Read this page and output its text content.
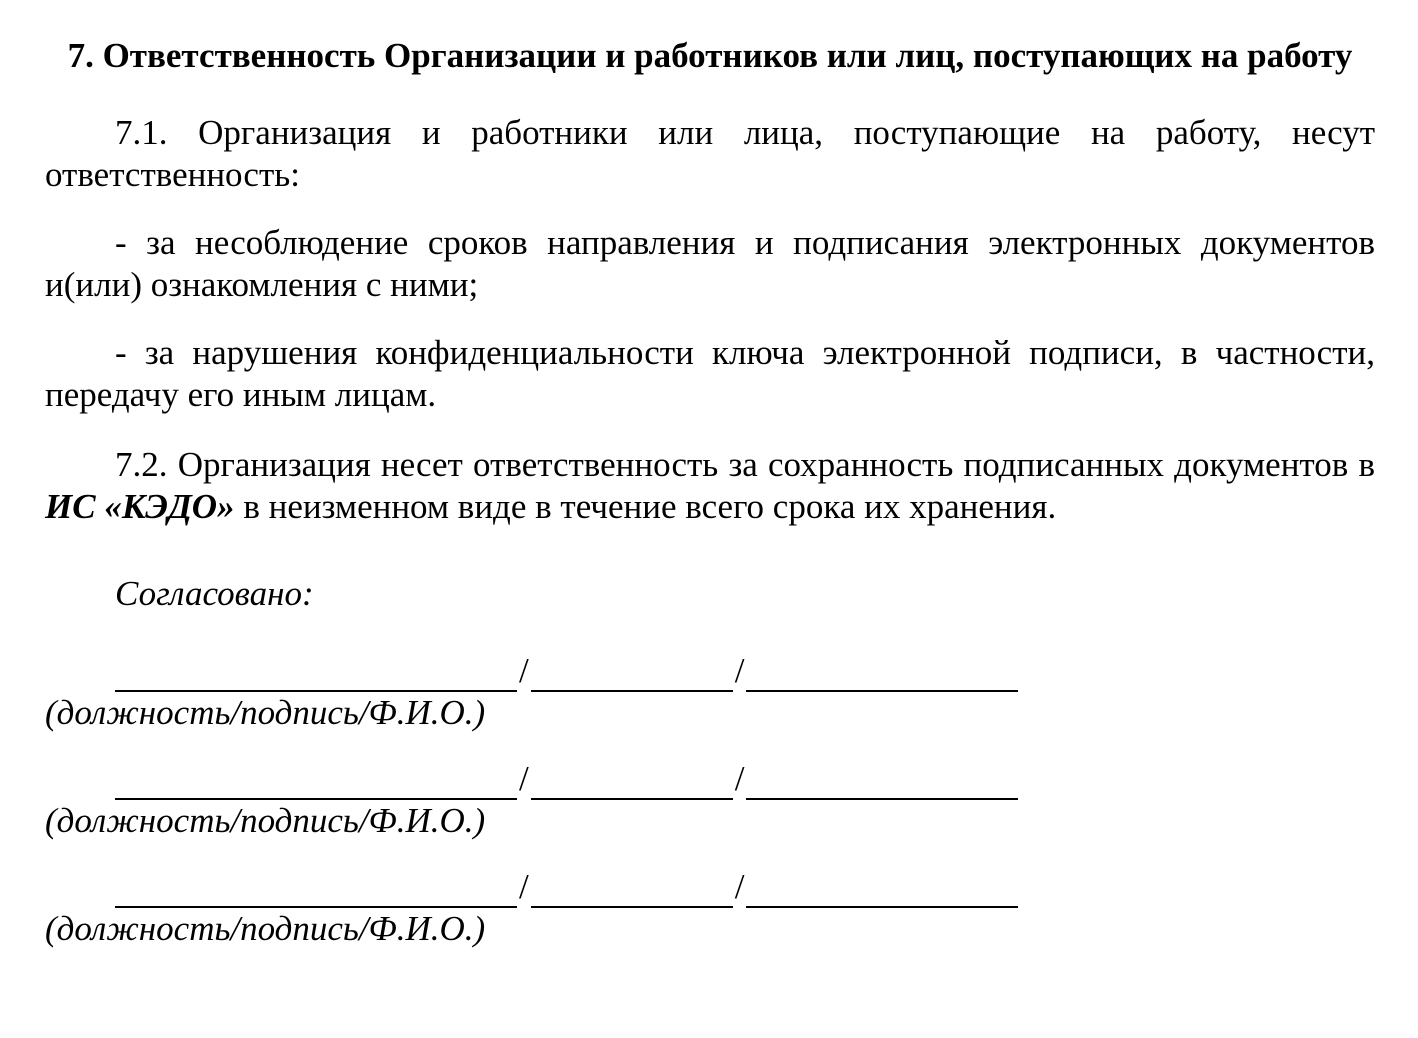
7. Ответственность Организации и работников или лиц, поступающих на работу

7.1. Организация и работники или лица, поступающие на работу, несут ответственность:

- за несоблюдение сроков направления и подписания электронных документов и(или) ознакомления с ними;

- за нарушения конфиденциальности ключа электронной подписи, в частности, передачу его иным лицам.

7.2. Организация несет ответственность за сохранность подписанных документов в ИС «КЭДО» в неизменном виде в течение всего срока их хранения.

Согласовано:
/	/
(должность/подпись/Ф.И.О.)
/	/
(должность/подпись/Ф.И.О.)
/	/
(должность/подпись/Ф.И.О.)
